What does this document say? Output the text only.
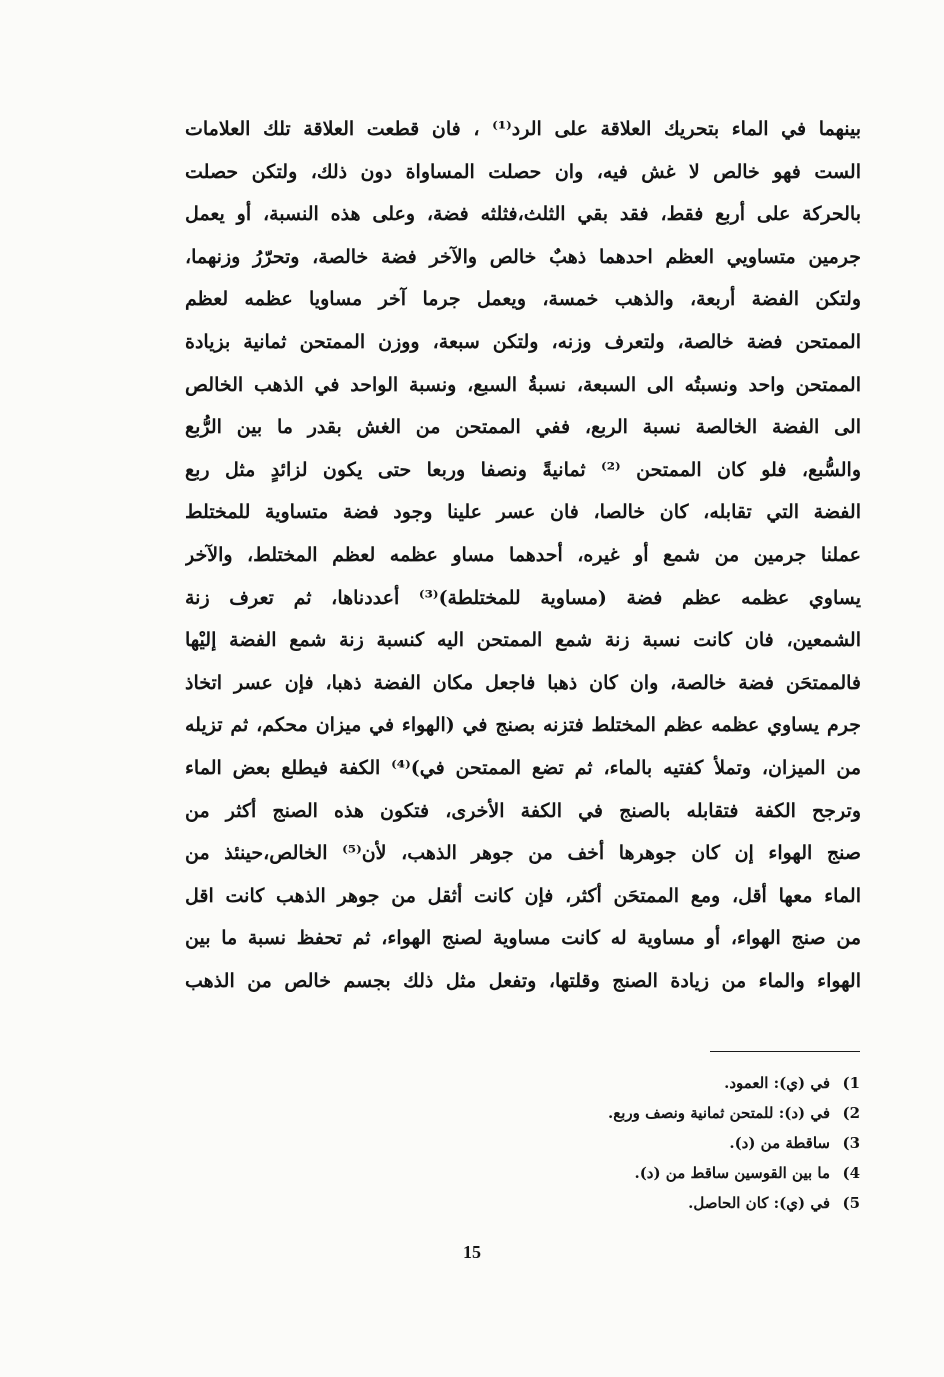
بينهما في الماء بتحريك العلاقة على الرد⁽¹⁾ ، فان قطعت العلاقة تلك العلامات
الست فهو خالص لا غش فيه، وان حصلت المساواة دون ذلك، ولتكن حصلت
بالحركة على أربع فقط، فقد بقي الثلث،فثلثه فضة، وعلى هذه النسبة، أو يعمل
جرمين متساويي العظم احدهما ذهبٌ خالص والآخر فضة خالصة، وتحرّرُ وزنهما،
ولتكن الفضة أربعة، والذهب خمسة، ويعمل جرما آخر مساويا عظمه لعظم
الممتحن فضة خالصة، ولتعرف وزنه، ولتكن سبعة، ووزن الممتحن ثمانية بزيادة
الممتحن واحد ونسبتُه الى السبعة، نسبةُ السبع، ونسبة الواحد في الذهب الخالص
الى الفضة الخالصة نسبة الربع، ففي الممتحن من الغش بقدر ما بين الرُّبع
والسُّبع، فلو كان الممتحن ⁽²⁾ ثمانيةً ونصفا وربعا حتى يكون لزائدٍ مثل ربع
الفضة التي تقابله، كان خالصا، فان عسر علينا وجود فضة متساوية للمختلط
عملنا جرمين من شمع أو غيره، أحدهما مساو عظمه لعظم المختلط، والآخر
يساوي عظمه عظم فضة (مساوية للمختلطة)⁽³⁾ أعددناها، ثم تعرف زنة
الشمعين، فان كانت نسبة زنة شمع الممتحن اليه كنسبة زنة شمع الفضة إليْها
فالممتحَن فضة خالصة، وان كان ذهبا فاجعل مكان الفضة ذهبا، فإن عسر اتخاذ
جرم يساوي عظمه عظم المختلط فتزنه بصنج في (الهواء في ميزان محكم، ثم تزيله
من الميزان، وتملأ كفتيه بالماء، ثم تضع الممتحن في)⁽⁴⁾ الكفة فيطلع بعض الماء
وترجح الكفة فتقابله بالصنج في الكفة الأخرى، فتكون هذه الصنج أكثر من
صنج الهواء إن كان جوهرها أخف من جوهر الذهب، لأن⁽⁵⁾ الخالص،حينئذ من
الماء معها أقل، ومع الممتحَن أكثر، فإن كانت أثقل من جوهر الذهب كانت اقل
من صنج الهواء، أو مساوية له كانت مساوية لصنج الهواء، ثم تحفظ نسبة ما بين
الهواء والماء من زيادة الصنج وقلتها، وتفعل مثل ذلك بجسم خالص من الذهب
1)في (ي): العمود.
2)في (د): للمتحن ثمانية ونصف وربع.
3)ساقطة من (د).
4)ما بين القوسين ساقط من (د).
5)في (ي): كان الحاصل.
15
